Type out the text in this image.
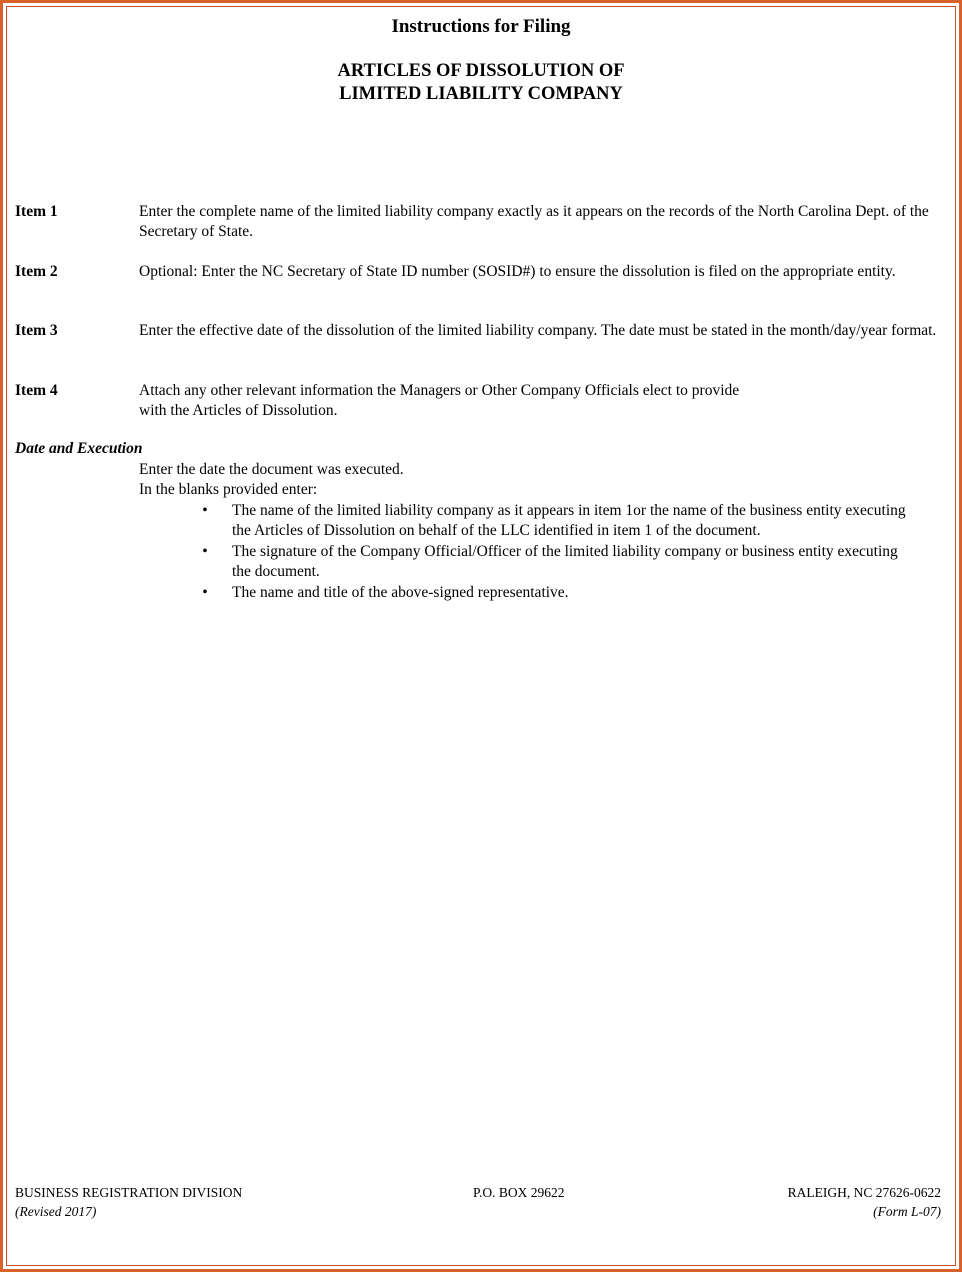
Instructions for Filing
ARTICLES OF DISSOLUTION OF
LIMITED LIABILITY COMPANY
Item 1	Enter the complete name of the limited liability company exactly as it appears on the records of the North Carolina Dept. of the Secretary of State.
Item 2	Optional: Enter the NC Secretary of State ID number (SOSID#) to ensure the dissolution is filed on the appropriate entity.
Item 3	Enter the effective date of the dissolution of the limited liability company. The date must be stated in the month/day/year format.
Item 4	Attach any other relevant information the Managers or Other Company Officials elect to provide
with the Articles of Dissolution.
Date and Execution
Enter the date the document was executed.
In the blanks provided enter:
• The name of the limited liability company as it appears in item 1or the name of the business entity executing the Articles of Dissolution on behalf of the LLC identified in item 1 of the document.
• The signature of the Company Official/Officer of the limited liability company or business entity executing the document.
• The name and title of the above-signed representative.
BUSINESS REGISTRATION DIVISION
(Revised 2017)
P.O. BOX 29622	RALEIGH, NC 27626-0622
(Form L-07)
